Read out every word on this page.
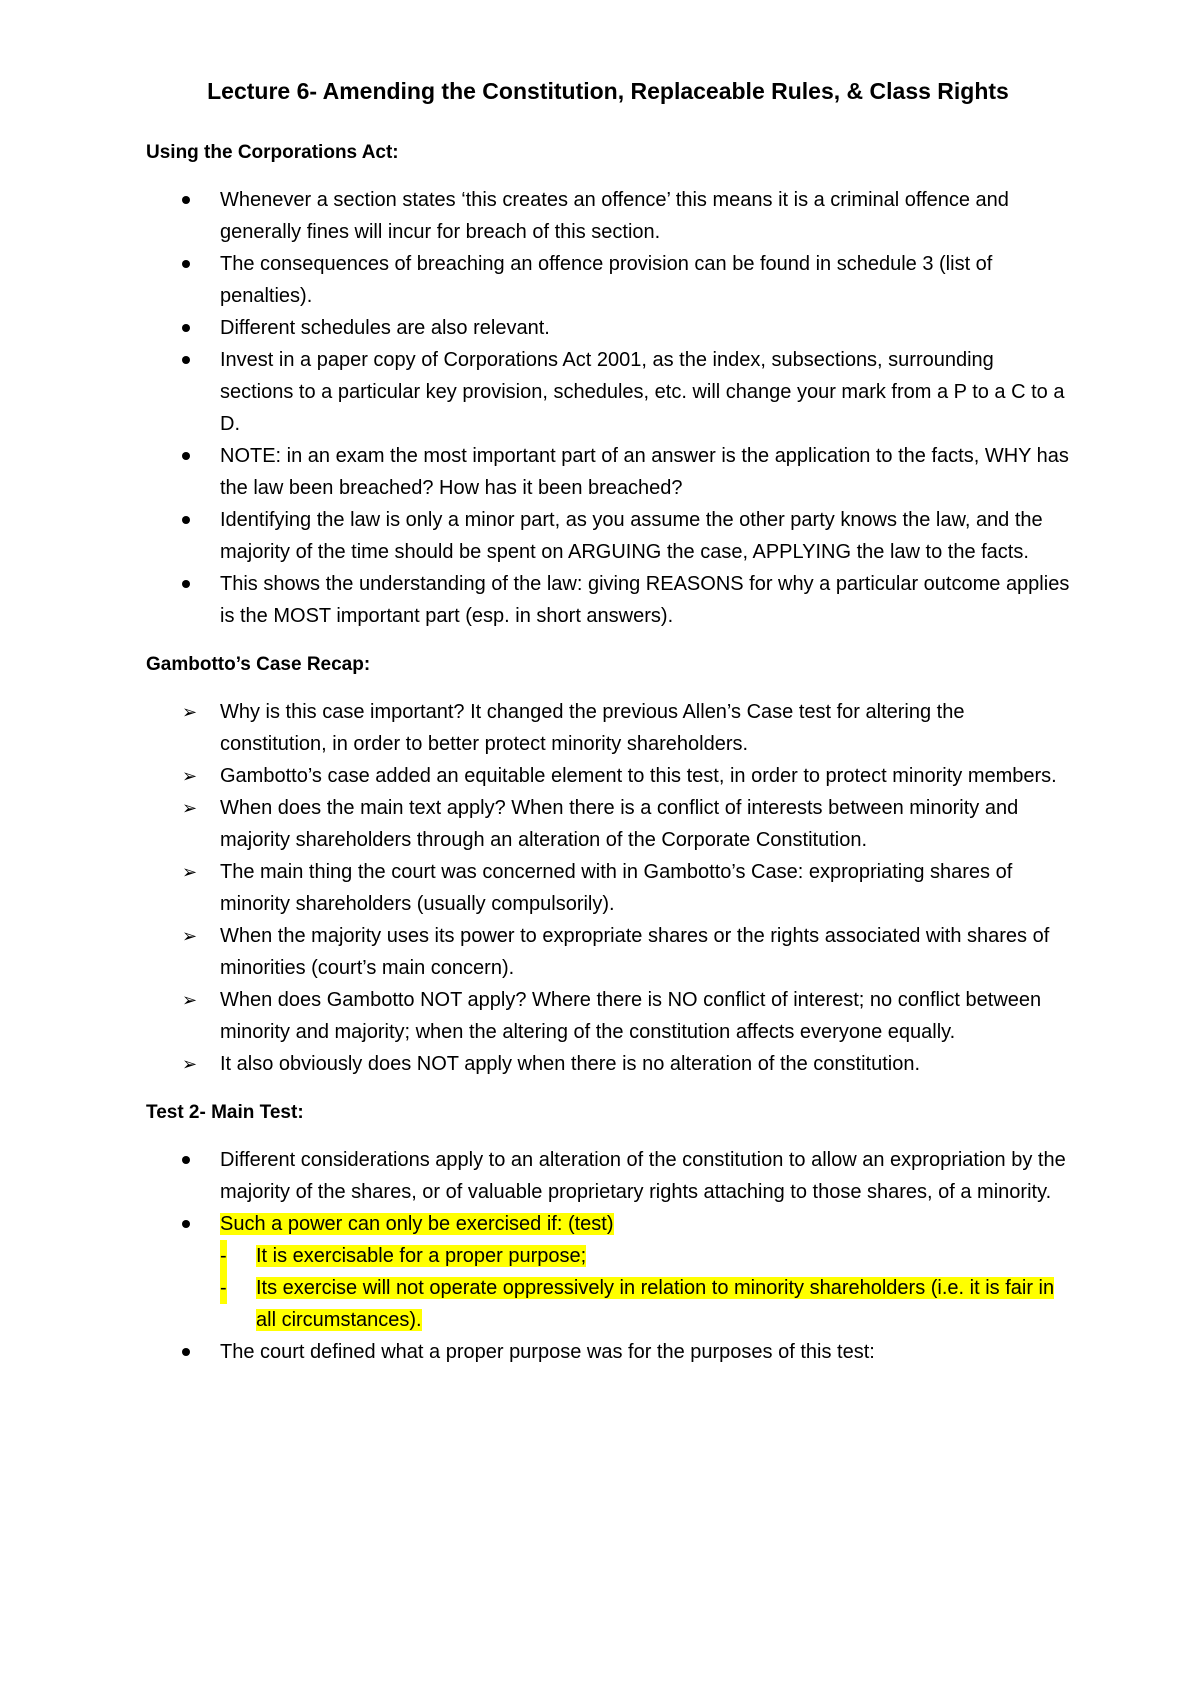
Lecture 6- Amending the Constitution, Replaceable Rules, & Class Rights
Using the Corporations Act:
Whenever a section states ‘this creates an offence’ this means it is a criminal offence and generally fines will incur for breach of this section.
The consequences of breaching an offence provision can be found in schedule 3 (list of penalties).
Different schedules are also relevant.
Invest in a paper copy of Corporations Act 2001, as the index, subsections, surrounding sections to a particular key provision, schedules, etc. will change your mark from a P to a C to a D.
NOTE: in an exam the most important part of an answer is the application to the facts, WHY has the law been breached? How has it been breached?
Identifying the law is only a minor part, as you assume the other party knows the law, and the majority of the time should be spent on ARGUING the case, APPLYING the law to the facts.
This shows the understanding of the law: giving REASONS for why a particular outcome applies is the MOST important part (esp. in short answers).
Gambotto’s Case Recap:
➢	Why is this case important? It changed the previous Allen’s Case test for altering the constitution, in order to better protect minority shareholders.
➢	Gambotto’s case added an equitable element to this test, in order to protect minority members.
➢	When does the main text apply? When there is a conflict of interests between minority and majority shareholders through an alteration of the Corporate Constitution.
➢	The main thing the court was concerned with in Gambotto’s Case: expropriating shares of minority shareholders (usually compulsorily).
➢	When the majority uses its power to expropriate shares or the rights associated with shares of minorities (court’s main concern).
➢	When does Gambotto NOT apply? Where there is NO conflict of interest; no conflict between minority and majority; when the altering of the constitution affects everyone equally.
➢	It also obviously does NOT apply when there is no alteration of the constitution.
Test 2- Main Test:
Different considerations apply to an alteration of the constitution to allow an expropriation by the majority of the shares, or of valuable proprietary rights attaching to those shares, of a minority.
Such a power can only be exercised if: (test)
- It is exercisable for a proper purpose;
- Its exercise will not operate oppressively in relation to minority shareholders (i.e. it is fair in all circumstances).
The court defined what a proper purpose was for the purposes of this test:
